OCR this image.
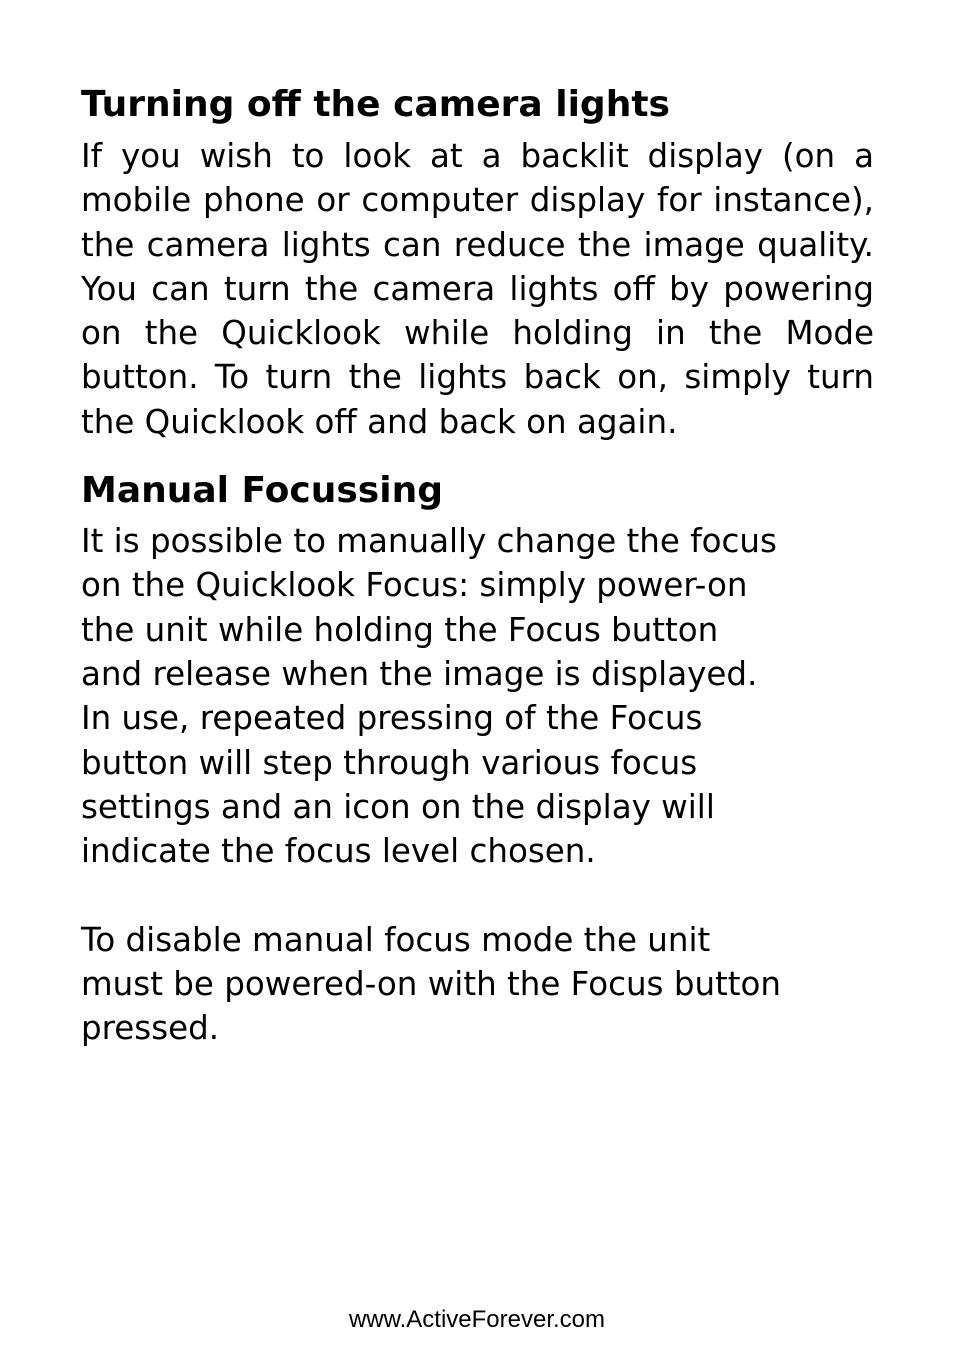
Turning off the camera lights

If you wish to look at a backlit display (on a mobile phone or computer display for instance), the camera lights can reduce the image quality. You can turn the camera lights off by powering on the Quicklook while holding in the Mode button. To turn the lights back on, simply turn the Quicklook off and back on again.

Manual Focussing

It is possible to manually change the focus
on the Quicklook Focus: simply power-on
the unit while holding the Focus button
and release when the image is displayed.
In use, repeated pressing of the Focus
button will step through various focus
settings and an icon on the display will
indicate the focus level chosen.

To disable manual focus mode the unit
must be powered-on with the Focus button
pressed.

www.ActiveForever.com
